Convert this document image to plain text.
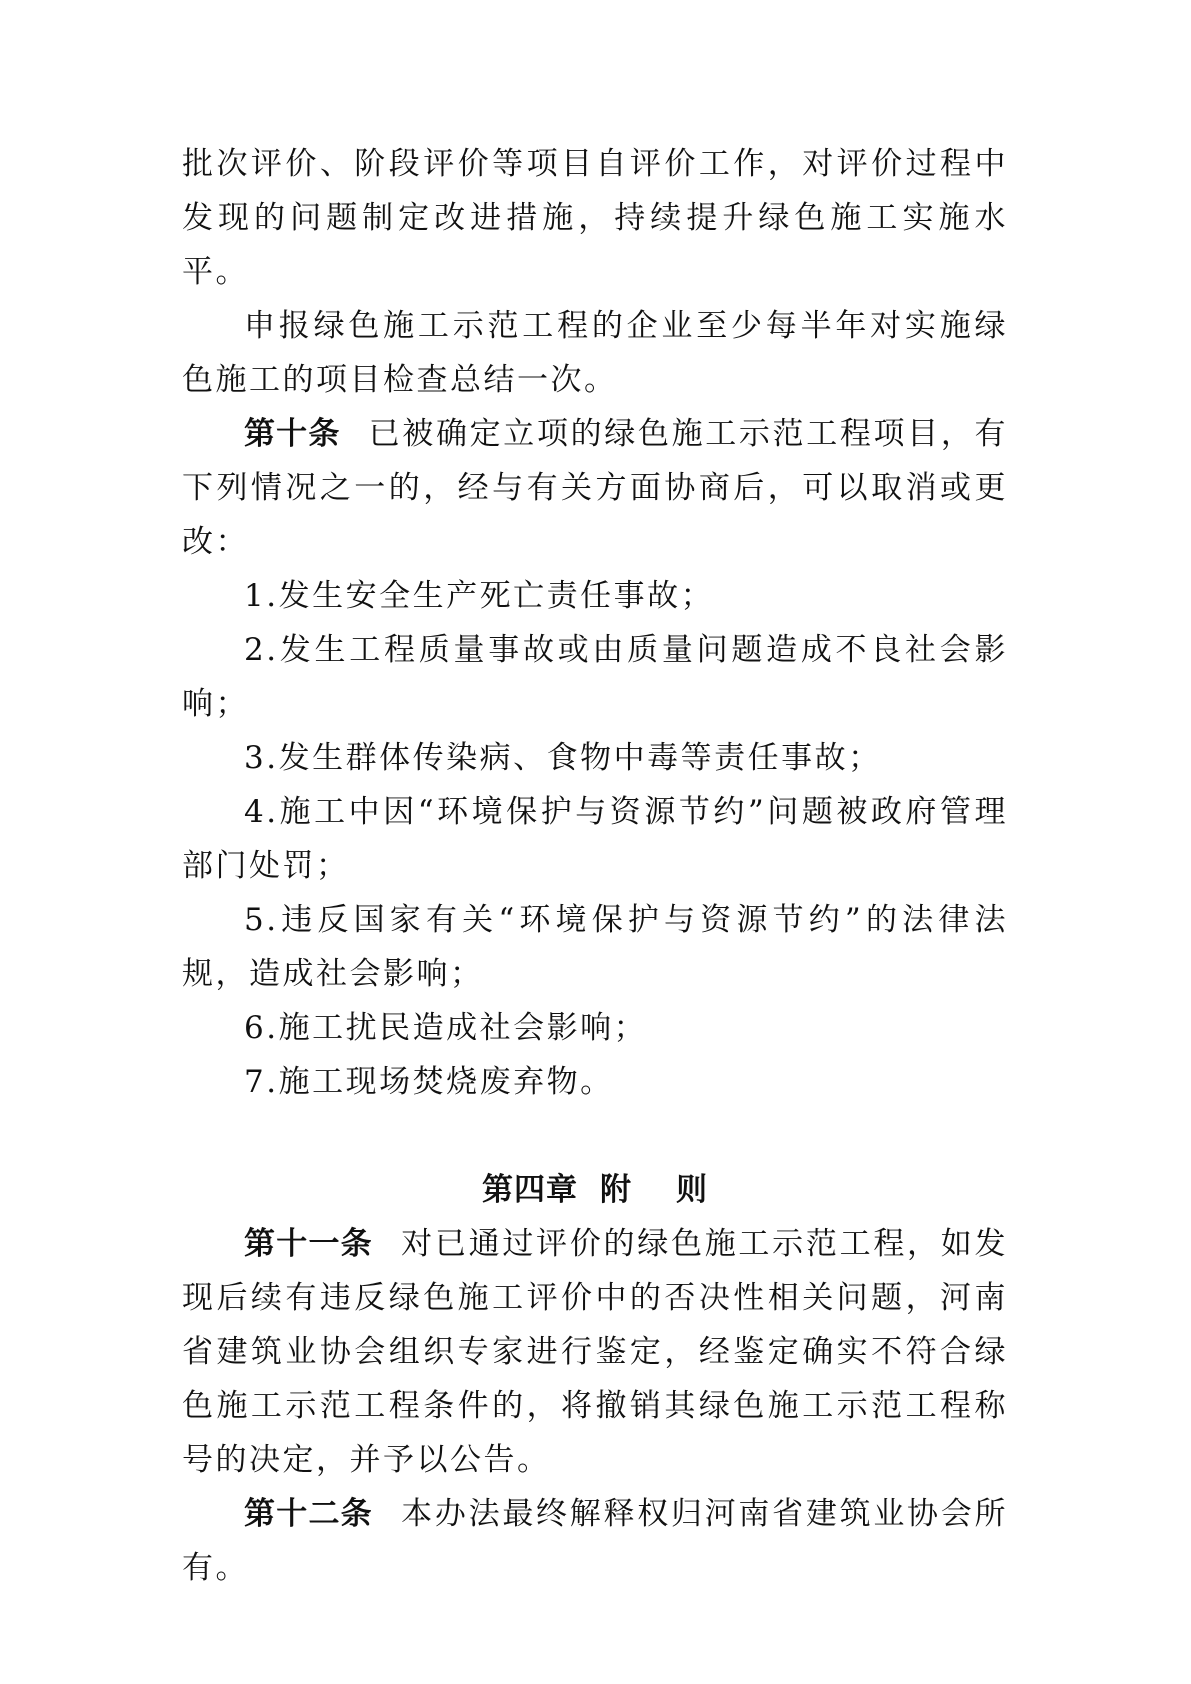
批次评价、阶段评价等项目自评价工作，对评价过程中发现的问题制定改进措施，持续提升绿色施工实施水平。

申报绿色施工示范工程的企业至少每半年对实施绿色施工的项目检查总结一次。

第十条 已被确定立项的绿色施工示范工程项目，有下列情况之一的，经与有关方面协商后，可以取消或更改：

1.发生安全生产死亡责任事故；

2.发生工程质量事故或由质量问题造成不良社会影响；

3.发生群体传染病、食物中毒等责任事故；

4.施工中因“环境保护与资源节约”问题被政府管理部门处罚；

5.违反国家有关“环境保护与资源节约”的法律法规，造成社会影响；

6.施工扰民造成社会影响；

7.施工现场焚烧废弃物。

第四章 附 则

第十一条 对已通过评价的绿色施工示范工程，如发现后续有违反绿色施工评价中的否决性相关问题，河南省建筑业协会组织专家进行鉴定，经鉴定确实不符合绿色施工示范工程条件的，将撤销其绿色施工示范工程称号的决定，并予以公告。

第十二条 本办法最终解释权归河南省建筑业协会所有。
